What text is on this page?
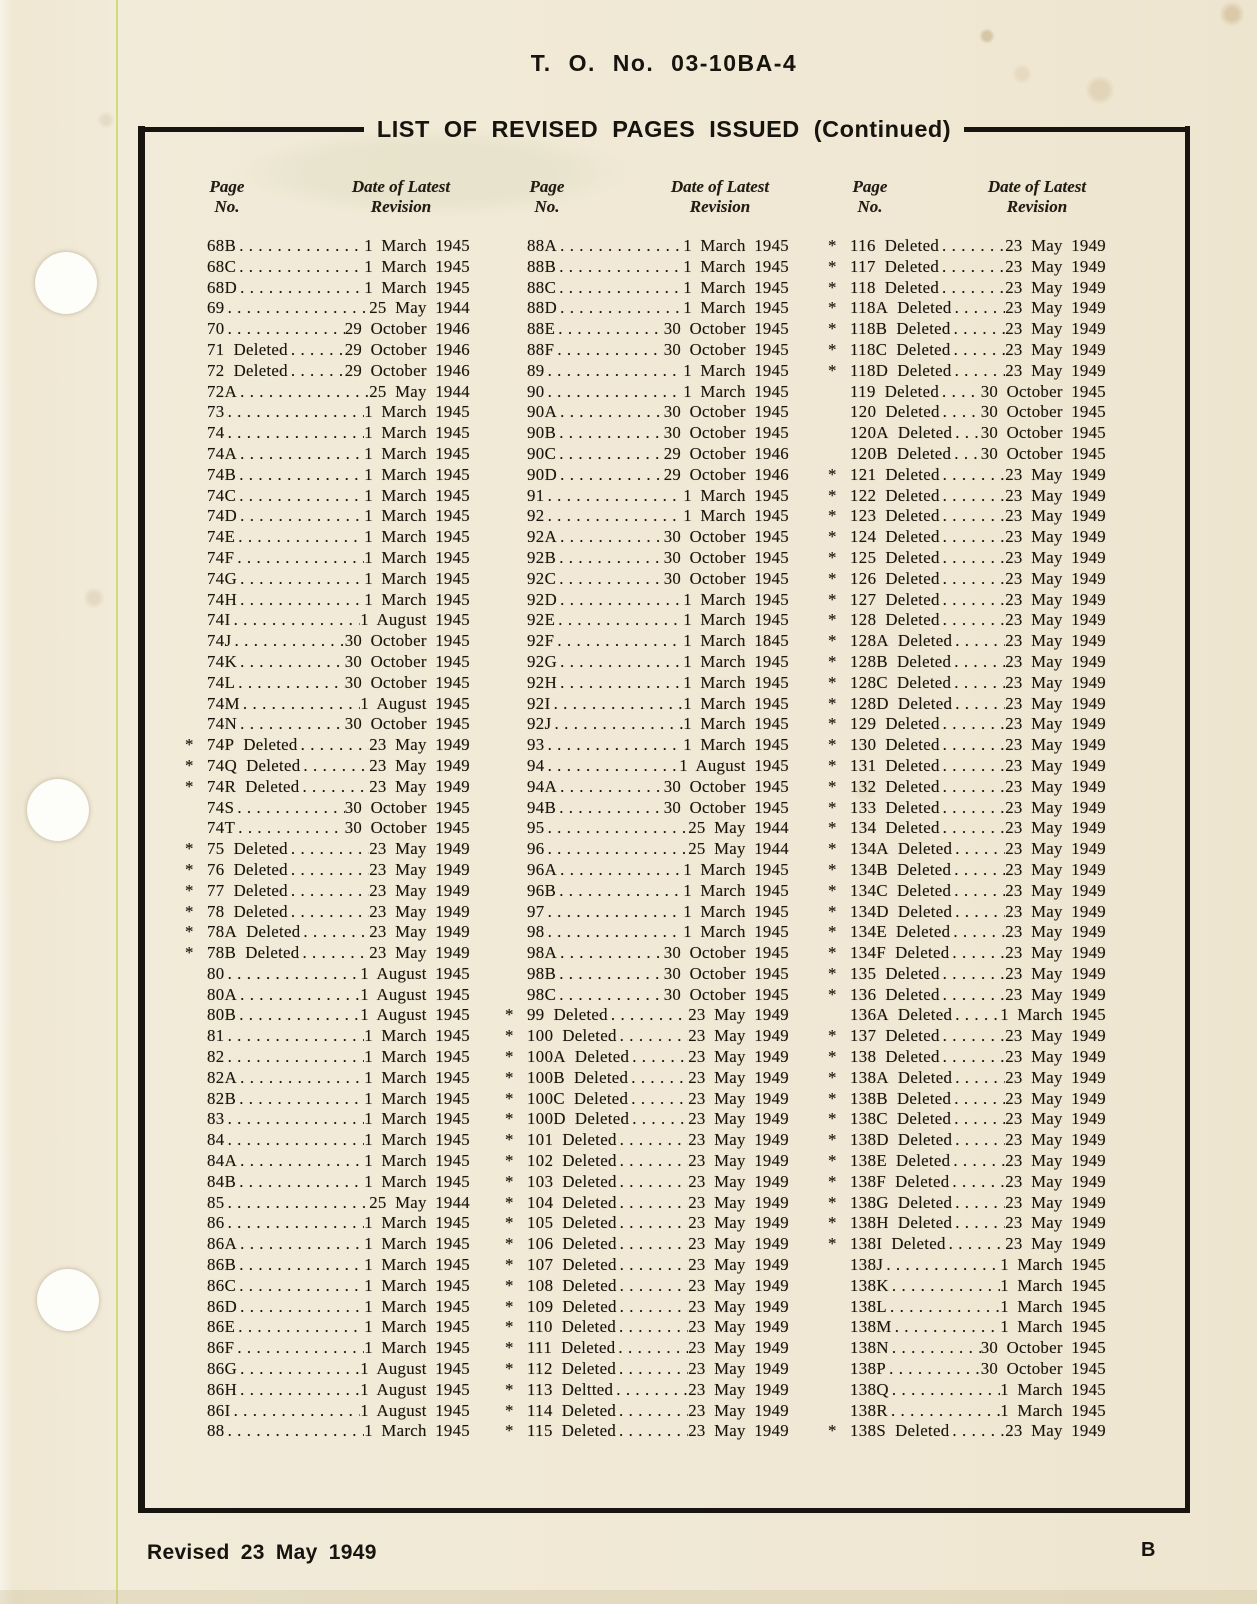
T. O. No. 03-10BA-4
LIST OF REVISED PAGES ISSUED (Continued)
Page
No.
Date of Latest
Revision
Page
No.
Date of Latest
Revision
Page
No.
Date of Latest
Revision
68B . . .	1 March 1945
68C . . .	1 March 1945
68D . . .	1 March 1945
69 . . .	25 May 1944
70 . . .	29 October 1946
71 Deleted . . .	29 October 1946
72 Deleted . . .	29 October 1946
72A . . .	25 May 1944
73 . . .	1 March 1945
74 . . .	1 March 1945
74A . . .	1 March 1945
74B . . .	1 March 1945
74C . . .	1 March 1945
74D . . .	1 March 1945
74E . . .	1 March 1945
74F . . .	1 March 1945
74G . . .	1 March 1945
74H . . .	1 March 1945
74I . . .	1 August 1945
74J . . .	30 October 1945
74K . . .	30 October 1945
74L . . .	30 October 1945
74M . . .	1 August 1945
74N . . .	30 October 1945
* 74P Deleted . . .	23 May 1949
* 74Q Deleted . . .	23 May 1949
* 74R Deleted . . .	23 May 1949
74S . . .	30 October 1945
74T . . .	30 October 1945
* 75 Deleted . . .	23 May 1949
* 76 Deleted . . .	23 May 1949
* 77 Deleted . . .	23 May 1949
* 78 Deleted . . .	23 May 1949
* 78A Deleted . . .	23 May 1949
* 78B Deleted . . .	23 May 1949
80 . . .	1 August 1945
80A . . .	1 August 1945
80B . . .	1 August 1945
81 . . .	1 March 1945
82 . . .	1 March 1945
82A . . .	1 March 1945
82B . . .	1 March 1945
83 . . .	1 March 1945
84 . . .	1 March 1945
84A . . .	1 March 1945
84B . . .	1 March 1945
85 . . .	25 May 1944
86 . . .	1 March 1945
86A . . .	1 March 1945
86B . . .	1 March 1945
86C . . .	1 March 1945
86D . . .	1 March 1945
86E . . .	1 March 1945
86F . . .	1 March 1945
86G . . .	1 August 1945
86H . . .	1 August 1945
86I . . .	1 August 1945
88 . . .	1 March 1945
88A . . .	1 March 1945
88B . . .	1 March 1945
88C . . .	1 March 1945
88D . . .	1 March 1945
88E . . .	30 October 1945
88F . . .	30 October 1945
89 . . .	1 March 1945
90 . . .	1 March 1945
90A . . .	30 October 1945
90B . . .	30 October 1945
90C . . .	29 October 1946
90D . . .	29 October 1946
91 . . .	1 March 1945
92 . . .	1 March 1945
92A . . .	30 October 1945
92B . . .	30 October 1945
92C . . .	30 October 1945
92D . . .	1 March 1945
92E . . .	1 March 1945
92F . . .	1 March 1845
92G . . .	1 March 1945
92H . . .	1 March 1945
92I . . .	1 March 1945
92J . . .	1 March 1945
93 . . .	1 March 1945
94 . . .	1 August 1945
94A . . .	30 October 1945
94B . . .	30 October 1945
95 . . .	25 May 1944
96 . . .	25 May 1944
96A . . .	1 March 1945
96B . . .	1 March 1945
97 . . .	1 March 1945
98 . . .	1 March 1945
98A . . .	30 October 1945
98B . . .	30 October 1945
98C . . .	30 October 1945
* 99 Deleted . . .	23 May 1949
* 100 Deleted . . .	23 May 1949
* 100A Deleted . . .	23 May 1949
* 100B Deleted . . .	23 May 1949
* 100C Deleted . . .	23 May 1949
* 100D Deleted . . .	23 May 1949
* 101 Deleted . . .	23 May 1949
* 102 Deleted . . .	23 May 1949
* 103 Deleted . . .	23 May 1949
* 104 Deleted . . .	23 May 1949
* 105 Deleted . . .	23 May 1949
* 106 Deleted . . .	23 May 1949
* 107 Deleted . . .	23 May 1949
* 108 Deleted . . .	23 May 1949
* 109 Deleted . . .	23 May 1949
* 110 Deleted . . .	23 May 1949
* 111 Deleted . . .	23 May 1949
* 112 Deleted . . .	23 May 1949
* 113 Deltted . . .	23 May 1949
* 114 Deleted . . .	23 May 1949
* 115 Deleted . . .	23 May 1949
* 116 Deleted . . .	23 May 1949
* 117 Deleted . . .	23 May 1949
* 118 Deleted . . .	23 May 1949
* 118A Deleted . . .	23 May 1949
* 118B Deleted . . .	23 May 1949
* 118C Deleted . . .	23 May 1949
* 118D Deleted . . .	23 May 1949
119 Deleted . . . 30 October 1945
120 Deleted . . . 30 October 1945
120A Deleted . . . 30 October 1945
120B Deleted . . . 30 October 1945
* 121 Deleted . . .	23 May 1949
* 122 Deleted . . .	23 May 1949
* 123 Deleted . . .	23 May 1949
* 124 Deleted . . .	23 May 1949
* 125 Deleted . . .	23 May 1949
* 126 Deleted . . .	23 May 1949
* 127 Deleted . . .	23 May 1949
* 128 Deleted . . .	23 May 1949
* 128A Deleted . . .	23 May 1949
* 128B Deleted . . .	23 May 1949
* 128C Deleted . . .	23 May 1949
* 128D Deleted . . .	23 May 1949
* 129 Deleted . . .	23 May 1949
* 130 Deleted . . .	23 May 1949
* 131 Deleted . . .	23 May 1949
* 132 Deleted . . .	23 May 1949
* 133 Deleted . . .	23 May 1949
* 134 Deleted . . .	23 May 1949
* 134A Deleted . . .	23 May 1949
* 134B Deleted . . .	23 May 1949
* 134C Deleted . . .	23 May 1949
* 134D Deleted . . .	23 May 1949
* 134E Deleted . . .	23 May 1949
* 134F Deleted . . .	23 May 1949
* 135 Deleted . . .	23 May 1949
* 136 Deleted . . .	23 May 1949
136A Deleted . . .	1 March 1945
* 137 Deleted . . .	23 May 1949
* 138 Deleted . . .	23 May 1949
* 138A Deleted . . .	23 May 1949
* 138B Deleted . . .	23 May 1949
* 138C Deleted . . .	23 May 1949
* 138D Deleted . . .	23 May 1949
* 138E Deleted . . .	23 May 1949
* 138F Deleted . . .	23 May 1949
* 138G Deleted . . .	23 May 1949
* 138H Deleted . . .	23 May 1949
* 138I Deleted . . .	23 May 1949
138J . . .	1 March 1945
138K . . .	1 March 1945
138L . . .	1 March 1945
138M . . .	1 March 1945
138N . . .	30 October 1945
138P . . .	30 October 1945
138Q . . .	1 March 1945
138R . . .	1 March 1945
* 138S Deleted . . .	23 May 1949
Revised 23 May 1949	B
